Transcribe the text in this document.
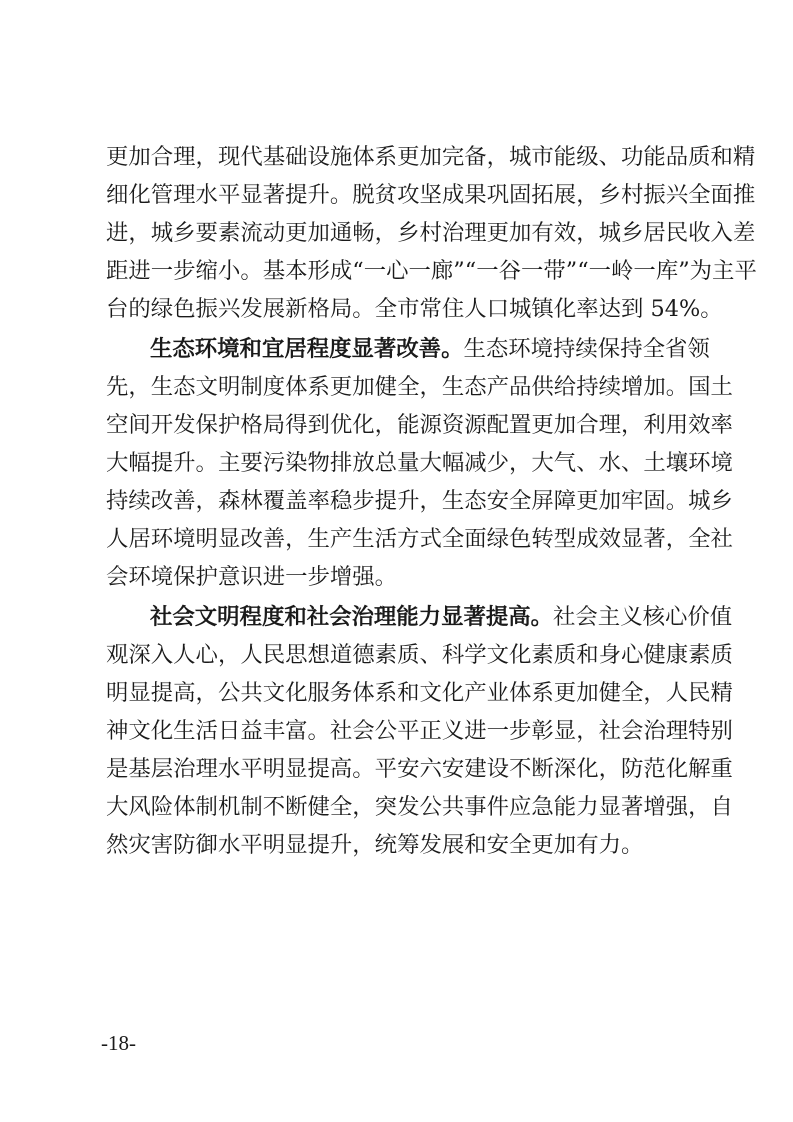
更加合理，现代基础设施体系更加完备，城市能级、功能品质和精
细化管理水平显著提升。脱贫攻坚成果巩固拓展，乡村振兴全面推
进，城乡要素流动更加通畅，乡村治理更加有效，城乡居民收入差
距进一步缩小。基本形成“一心一廊”“一谷一带”“一岭一库”为主平
台的绿色振兴发展新格局。全市常住人口城镇化率达到 54%。
生态环境和宜居程度显著改善。生态环境持续保持全省领
先，生态文明制度体系更加健全，生态产品供给持续增加。国土
空间开发保护格局得到优化，能源资源配置更加合理，利用效率
大幅提升。主要污染物排放总量大幅减少，大气、水、土壤环境
持续改善，森林覆盖率稳步提升，生态安全屏障更加牢固。城乡
人居环境明显改善，生产生活方式全面绿色转型成效显著，全社
会环境保护意识进一步增强。
社会文明程度和社会治理能力显著提高。社会主义核心价值
观深入人心，人民思想道德素质、科学文化素质和身心健康素质
明显提高，公共文化服务体系和文化产业体系更加健全，人民精
神文化生活日益丰富。社会公平正义进一步彰显，社会治理特别
是基层治理水平明显提高。平安六安建设不断深化，防范化解重
大风险体制机制不断健全，突发公共事件应急能力显著增强，自
然灾害防御水平明显提升，统筹发展和安全更加有力。
-18-
